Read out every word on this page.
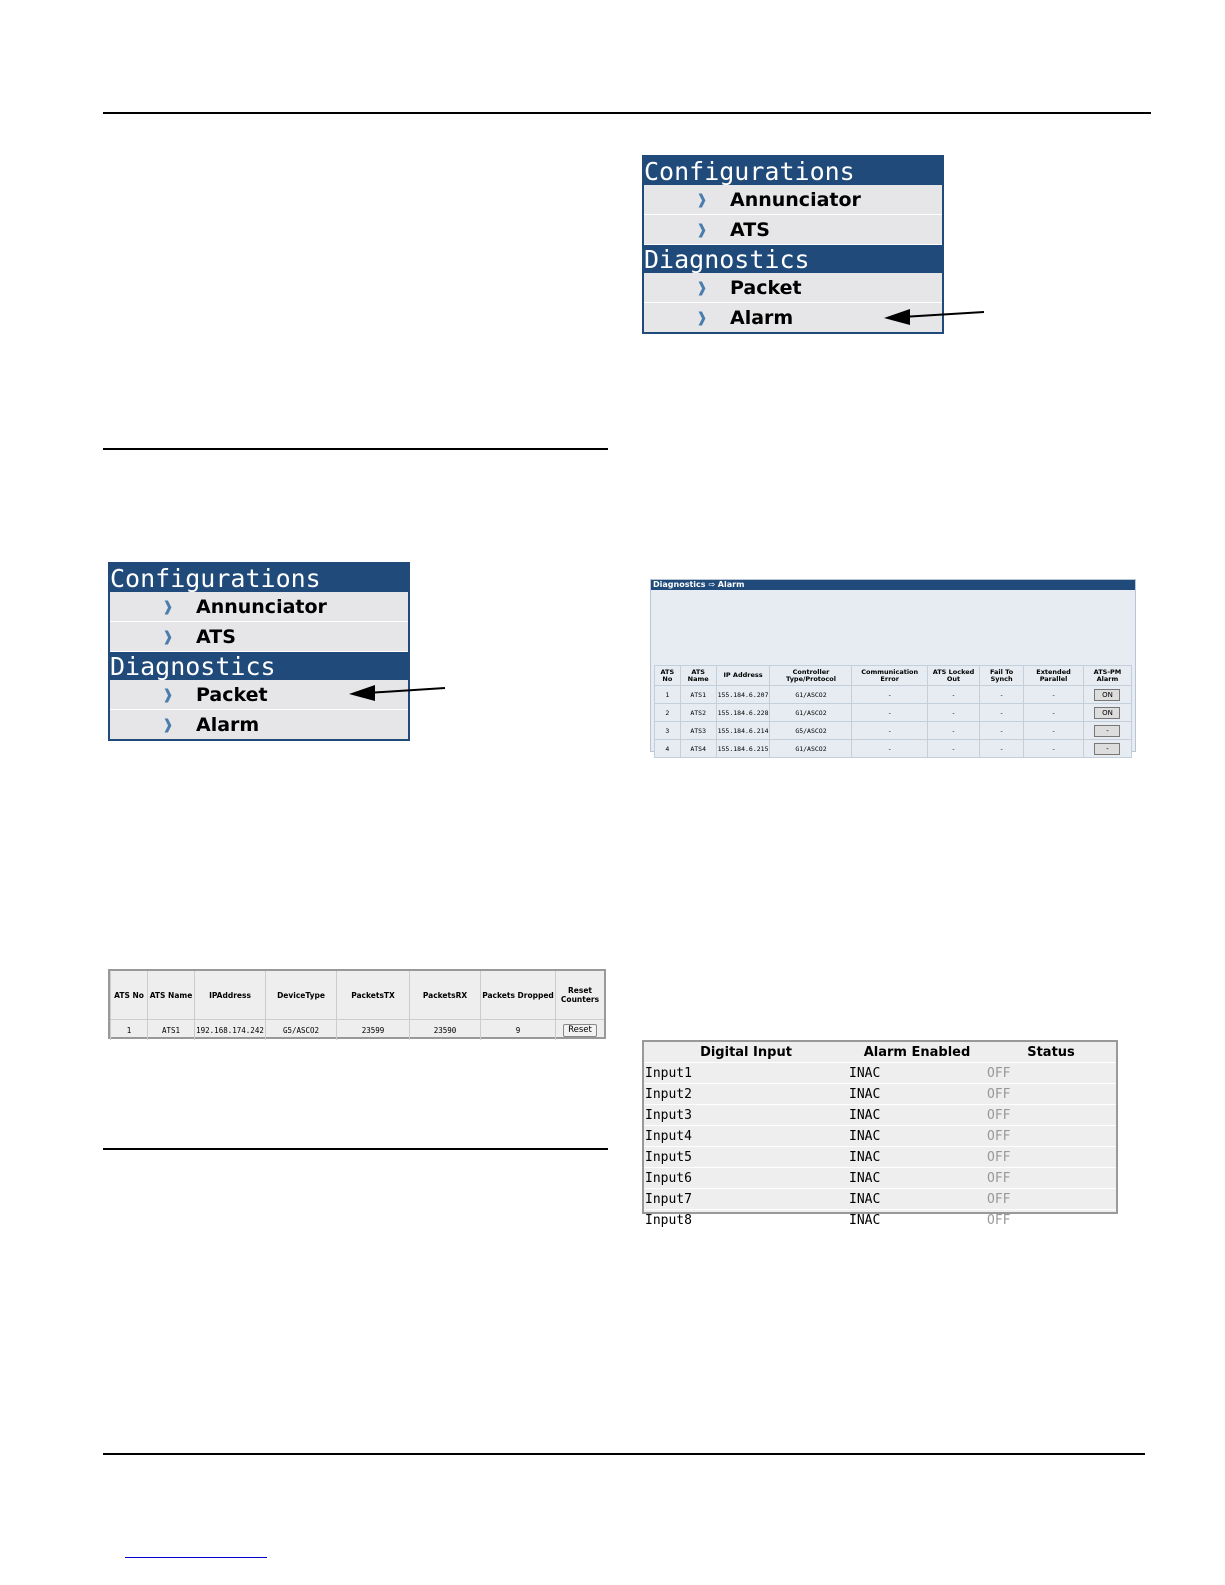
Configurations
❱	Annunciator
❱	ATS
Diagnostics
❱	Packet
❱	Alarm
Configurations
❱	Annunciator
❱	ATS
Diagnostics
❱	Packet
❱	Alarm
Diagnostics ⇨ Alarm
ATS No	ATS Name	IP Address	Controller Type/Protocol	Communication Error	ATS Locked Out	Fail To Synch	Extended Parallel	ATS-PM Alarm
1	ATS1	155.184.6.207	G1/ASCO2	-	-	-	-	ON
2	ATS2	155.184.6.228	G1/ASCO2	-	-	-	-	ON
3	ATS3	155.184.6.214	G5/ASCO2	-	-	-	-	-
4	ATS4	155.184.6.215	G1/ASCO2	-	-	-	-	-
ATS No	ATS Name	IPAddress	DeviceType	PacketsTX	PacketsRX	Packets Dropped	Reset Counters
1	ATS1	192.168.174.242	G5/ASCO2	23599	23590	9	Reset
Digital Input	Alarm Enabled	Status
Input1	INAC	OFF
Input2	INAC	OFF
Input3	INAC	OFF
Input4	INAC	OFF
Input5	INAC	OFF
Input6	INAC	OFF
Input7	INAC	OFF
Input8	INAC	OFF
